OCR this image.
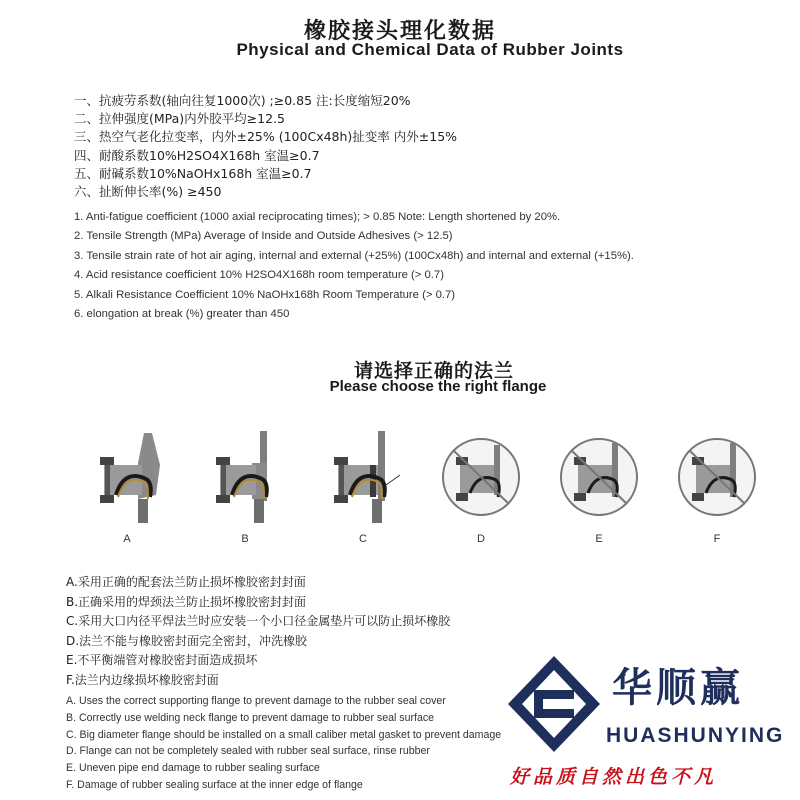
橡胶接头理化数据
Physical and Chemical Data of Rubber Joints
一、抗疲劳系数(轴向往复1000次) ;≥0.85 注:长度缩短20%
二、拉伸强度(MPa)内外胶平均≥12.5
三、热空气老化拉变率，内外±25% (100Cx48h)扯变率 内外±15%
四、耐酸系数10%H2SO4X168h 室温≥0.7
五、耐碱系数10%NaOHx168h 室温≥0.7
六、扯断伸长率(%) ≥450
1. Anti-fatigue coefficient (1000 axial reciprocating times); > 0.85 Note: Length shortened by 20%.
2. Tensile Strength (MPa) Average of Inside and Outside Adhesives (> 12.5)
3. Tensile strain rate of hot air aging, internal and external (+25%) (100Cx48h) and internal and external (+15%).
4. Acid resistance coefficient 10% H2SO4X168h room temperature (> 0.7)
5. Alkali Resistance Coefficient 10% NaOHx168h Room Temperature (> 0.7)
6. elongation at break (%) greater than 450
请选择正确的法兰
Please choose the right flange
A	B	C	D	E	F
A.采用正确的配套法兰防止损坏橡胶密封封面
B.正确采用的焊颈法兰防止损坏橡胶密封封面
C.采用大口内径平焊法兰时应安装一个小口径金属垫片可以防止损坏橡胶
D.法兰不能与橡胶密封面完全密封，冲洗橡胶
E.不平衡端管对橡胶密封面造成损坏
F.法兰内边缘损坏橡胶密封面
A. Uses the correct supporting flange to prevent damage to the rubber seal cover
B. Correctly use welding neck flange to prevent damage to rubber seal surface
C. Big diameter flange should be installed on a small caliber metal gasket to prevent damage
D. Flange can not be completely sealed with rubber seal surface, rinse rubber
E. Uneven pipe end damage to rubber sealing surface
F. Damage of rubber sealing surface at the inner edge of flange
华顺赢
HUASHUNYING
好品质自然出色不凡
